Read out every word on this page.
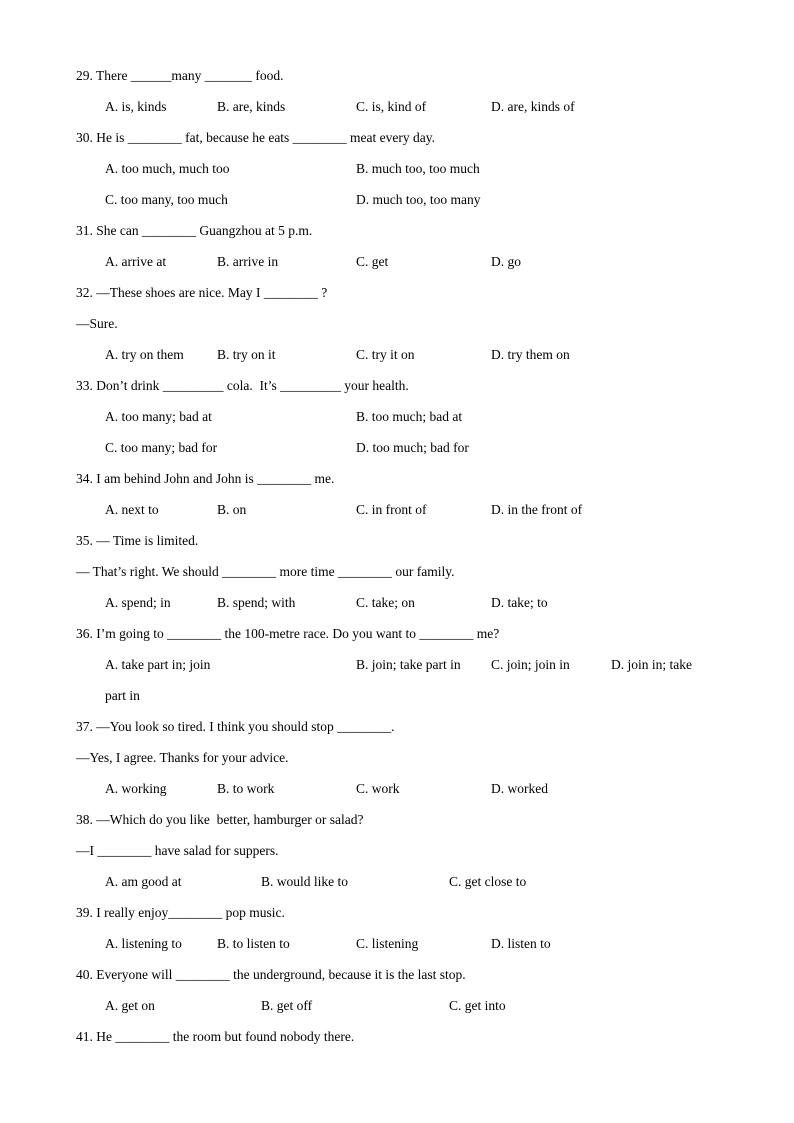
29. There ______many _______ food.
A. is, kinds	B. are, kinds	C. is, kind of	D. are, kinds of
30. He is ________ fat, because he eats ________ meat every day.
A. too much, much too	B. much too, too much
C. too many, too much	D. much too, too many
31. She can ________ Guangzhou at 5 p.m.
A. arrive at	B. arrive in	C. get	D. go
32. —These shoes are nice. May I ________ ?
—Sure.
A. try on them B. try on it	C. try it on	D. try them on
33. Don’t drink _________ cola.  It’s _________ your health.
A. too many; bad at	B. too much; bad at
C. too many; bad for	D. too much; bad for
34. I am behind John and John is ________ me.
A. next to	B. on	C. in front of	D. in the front of
35. — Time is limited.
— That’s right. We should ________ more time ________ our family.
A. spend; in	B. spend; with	C. take; on	D. take; to
36. I’m going to ________ the 100-metre race. Do you want to ________ me?
A. take part in; join	B. join; take part in C. join; join in	D. join in; take
part in
37. —You look so tired. I think you should stop ________.
—Yes, I agree. Thanks for your advice.
A. working	B. to work	C. work	D. worked
38. —Which do you like  better, hamburger or salad?
—I ________ have salad for suppers.
A. am good at	B. would like to	C. get close to
39. I really enjoy________ pop music.
A. listening to	B. to listen to	C. listening	D. listen to
40. Everyone will ________ the underground, because it is the last stop.
A. get on	B. get off	C. get into
41. He ________ the room but found nobody there.
